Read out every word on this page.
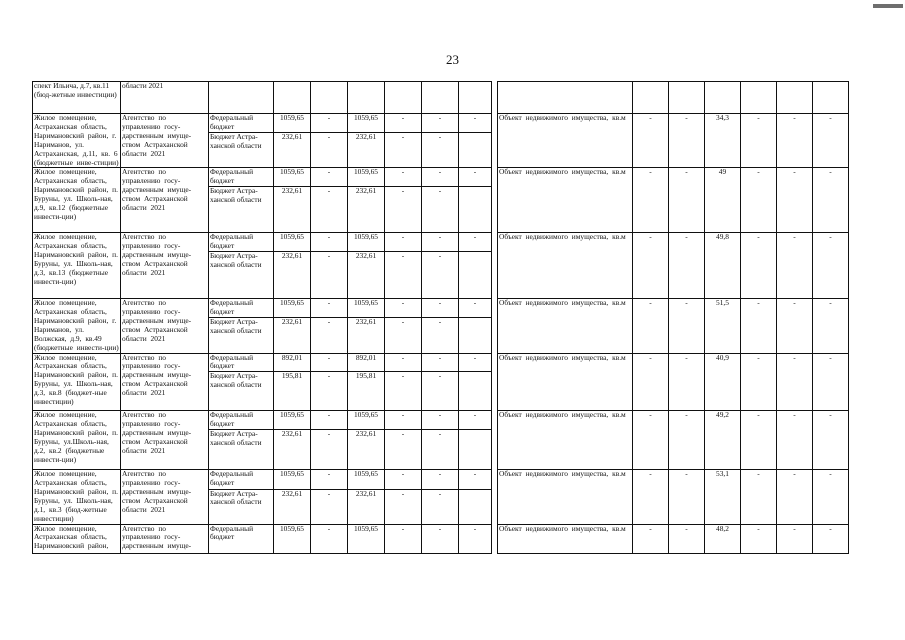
23
спект Ильича, д.7, кв.11 (бюд-жетные инвестиции)	области 2021															
Жилое помещение, Астраханская область, Наримановский район, г. Нариманов, ул. Астраханская, д.11, кв. 6 (бюджетные инве-стиции)	Агентство по управлению госу-дарственным имуще-ством Астраханской области 2021	Федеральный бюджет	1059,65	-	1059,65	-	-	-		Объект недвижимого имущества, кв.м	-	-	34,3	-	-	-
		Бюджет Астра-ханской области	232,61	-	232,61	-	-									
Жилое помещение, Астраханская область, Наримановский район, п. Буруны, ул. Школь-ная, д.9, кв.12 (бюджетные инвести-ции)	Агентство по управлению госу-дарственным имуще-ством Астраханской области 2021	Федеральный бюджет	1059,65	-	1059,65	-	-	-		Объект недвижимого имущества, кв.м	-	-	49	-	-	-
		Бюджет Астра-ханской области	232,61	-	232,61	-	-									
Жилое помещение, Астраханская область, Наримановский район, п. Буруны, ул. Школь-ная, д.3, кв.13 (бюджетные инвести-ции)	Агентство по управлению госу-дарственным имуще-ством Астраханской области 2021	Федеральный бюджет	1059,65	-	1059,65	-	-	-		Объект недвижимого имущества, кв.м	-	-	49,8	-	-	-
		Бюджет Астра-ханской области	232,61	-	232,61	-	-									
Жилое помещение, Астраханская область, Наримановский район, г. Нариманов, ул. Волжская, д.9, кв.49 (бюджетные инвести-ции)	Агентство по управлению госу-дарственным имуще-ством Астраханской области 2021	Федеральный бюджет	1059,65	-	1059,65	-	-	-		Объект недвижимого имущества, кв.м	-	-	51,5	-	-	-
		Бюджет Астра-ханской области	232,61	-	232,61	-	-									
Жилое помещение, Астраханская область, Наримановский район, п. Буруны, ул. Школь-ная, д.3, кв.8 (бюджет-ные инвестиции)	Агентство по управлению госу-дарственным имуще-ством Астраханской области 2021	Федеральный бюджет	892,01	-	892,01	-	-	-		Объект недвижимого имущества, кв.м	-	-	40,9	-	-	-
		Бюджет Астра-ханской области	195,81	-	195,81	-	-									
Жилое помещение, Астраханская область, Наримановский район, п. Буруны, ул.Школь-ная, д.2, кв.2 (бюджетные инвести-ции)	Агентство по управлению госу-дарственным имуще-ством Астраханской области 2021	Федеральный бюджет	1059,65	-	1059,65	-	-	-		Объект недвижимого имущества, кв.м	-	-	49,2	-	-	-
		Бюджет Астра-ханской области	232,61	-	232,61	-	-									
Жилое помещение, Астраханская область, Наримановский район, п. Буруны, ул. Школь-ная, д.1, кв.3 (бюд-жетные инвестиции)	Агентство по управлению госу-дарственным имуще-ством Астраханской области 2021	Федеральный бюджет	1059,65	-	1059,65	-	-	-		Объект недвижимого имущества, кв.м	-	-	53,1	-	-	-
		Бюджет Астра-ханской области	232,61	-	232,61	-	-									
Жилое помещение, Астраханская область, Наримановский район,	Агентство по управлению госу-дарственным имуще-	Федеральный бюджет	1059,65	-	1059,65	-	-	-		Объект недвижимого имущества, кв.м	-	-	48,2	-	-	-
